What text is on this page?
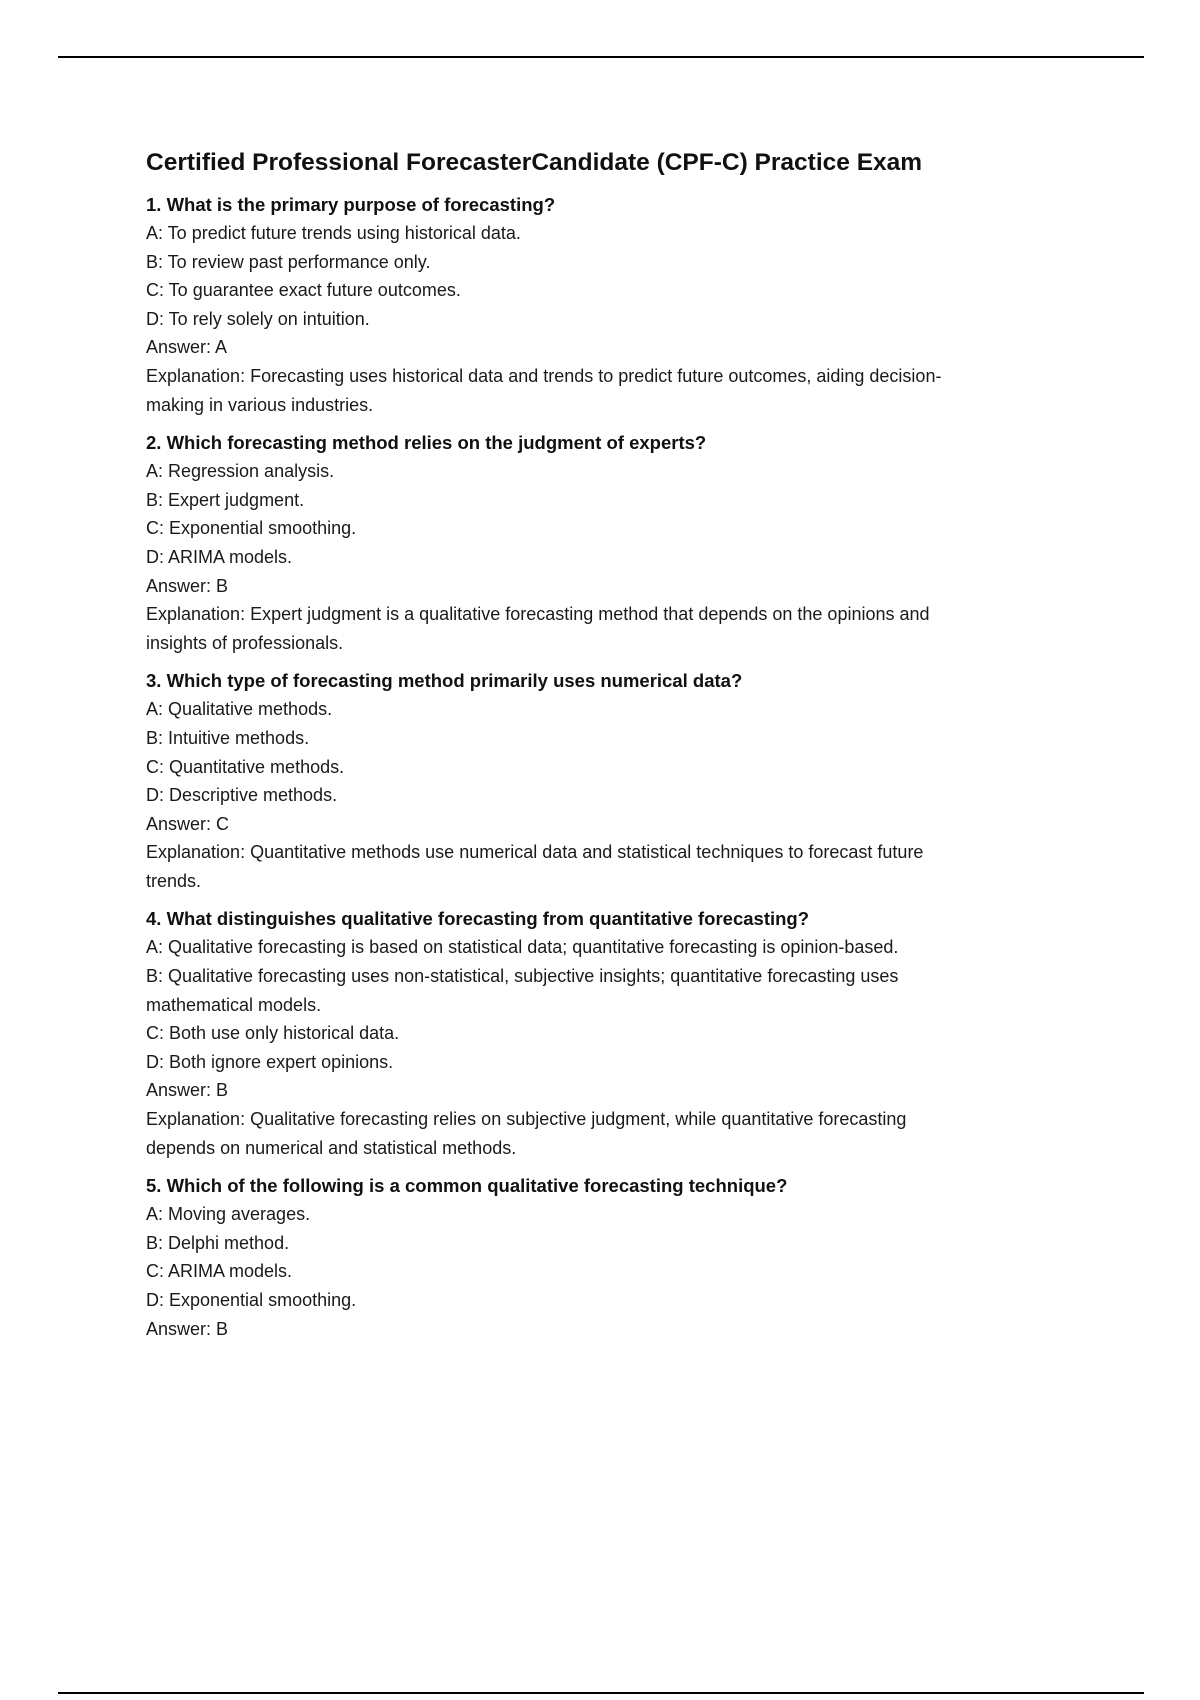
Certified Professional ForecasterCandidate (CPF-C) Practice Exam
1. What is the primary purpose of forecasting?
A: To predict future trends using historical data.
B: To review past performance only.
C: To guarantee exact future outcomes.
D: To rely solely on intuition.
Answer: A
Explanation: Forecasting uses historical data and trends to predict future outcomes, aiding decision-
making in various industries.
2. Which forecasting method relies on the judgment of experts?
A: Regression analysis.
B: Expert judgment.
C: Exponential smoothing.
D: ARIMA models.
Answer: B
Explanation: Expert judgment is a qualitative forecasting method that depends on the opinions and
insights of professionals.
3. Which type of forecasting method primarily uses numerical data?
A: Qualitative methods.
B: Intuitive methods.
C: Quantitative methods.
D: Descriptive methods.
Answer: C
Explanation: Quantitative methods use numerical data and statistical techniques to forecast future
trends.
4. What distinguishes qualitative forecasting from quantitative forecasting?
A: Qualitative forecasting is based on statistical data; quantitative forecasting is opinion-based.
B: Qualitative forecasting uses non-statistical, subjective insights; quantitative forecasting uses
mathematical models.
C: Both use only historical data.
D: Both ignore expert opinions.
Answer: B
Explanation: Qualitative forecasting relies on subjective judgment, while quantitative forecasting
depends on numerical and statistical methods.
5. Which of the following is a common qualitative forecasting technique?
A: Moving averages.
B: Delphi method.
C: ARIMA models.
D: Exponential smoothing.
Answer: B
